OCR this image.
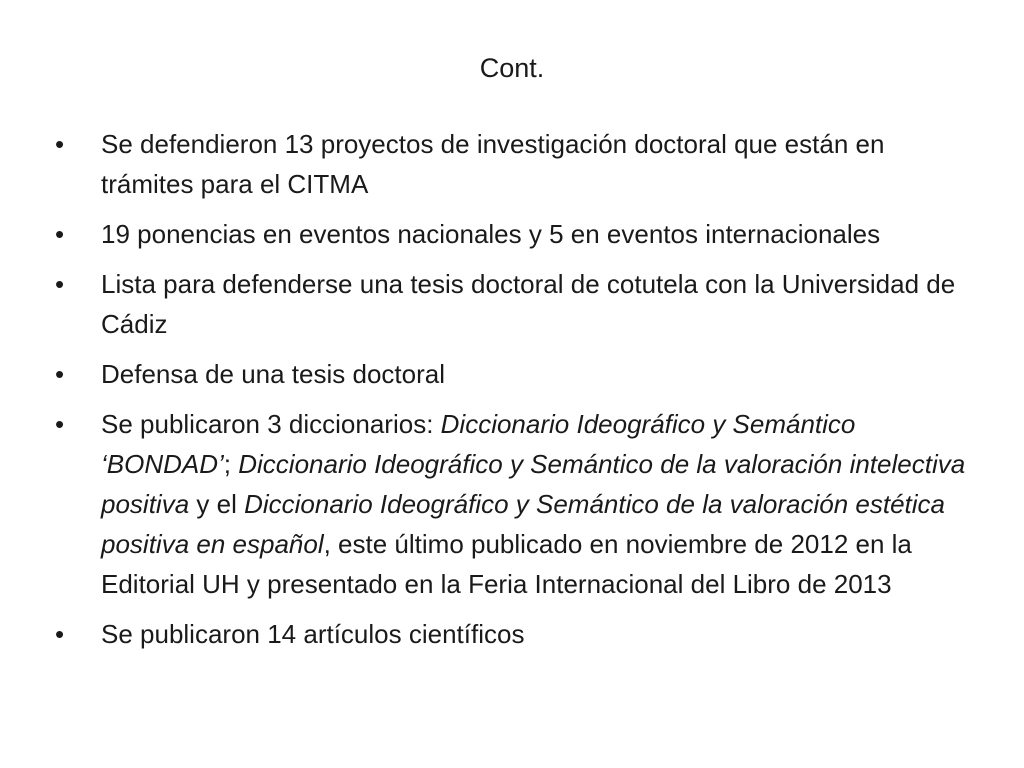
Cont.
•	Se defendieron 13 proyectos de investigación doctoral que están en trámites para el CITMA
•	19 ponencias en eventos nacionales y 5 en eventos internacionales
•	Lista para defenderse una tesis doctoral de cotutela con la Universidad de Cádiz
•	Defensa de una tesis doctoral
•	Se publicaron 3 diccionarios: Diccionario Ideográfico y Semántico ‘BONDAD’; Diccionario Ideográfico y Semántico de la valoración intelectiva positiva y el Diccionario Ideográfico y Semántico de la valoración estética positiva en español, este último publicado en noviembre de 2012 en la Editorial UH y presentado en la Feria Internacional del Libro de 2013
•	Se publicaron 14 artículos científicos
